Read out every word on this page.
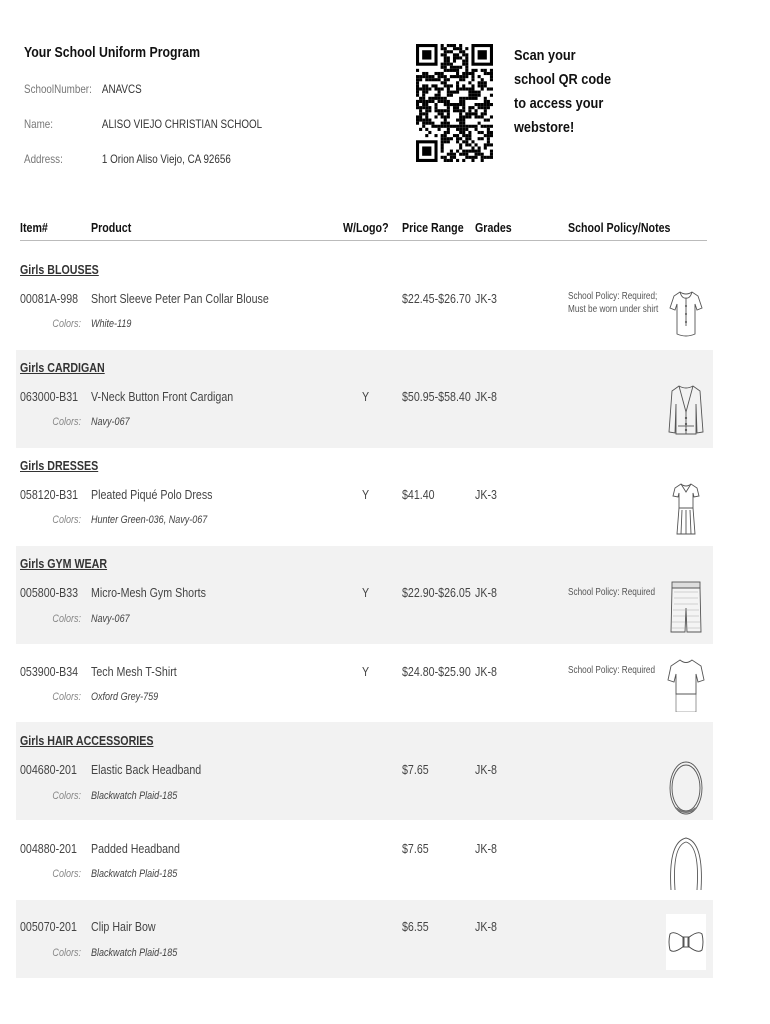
Your School Uniform Program
SchoolNumber: ANAVCS
Name:	ALISO VIEJO CHRISTIAN SCHOOL
Address:	1 Orion Aliso Viejo, CA 92656
Scan your
school QR code
to access your
webstore!
Item#	Product	W/Logo? Price Range Grades	School Policy/Notes
Girls BLOUSES
00081A-998 Short Sleeve Peter Pan Collar Blouse	$22.45-$26.70 JK-3
Colors: White-119
School Policy: Required;
Must be worn under shirt
Girls CARDIGAN
063000-B31 V-Neck Button Front Cardigan	Y	$50.95-$58.40 JK-8
Colors: Navy-067
Girls DRESSES
058120-B31 Pleated Piqué Polo Dress	Y	$41.40	JK-3
Colors: Hunter Green-036, Navy-067
Girls GYM WEAR
005800-B33 Micro-Mesh Gym Shorts	Y	$22.90-$26.05 JK-8
Colors: Navy-067
School Policy: Required
053900-B34 Tech Mesh T-Shirt	Y	$24.80-$25.90 JK-8
Colors: Oxford Grey-759
School Policy: Required
Girls HAIR ACCESSORIES
004680-201 Elastic Back Headband	$7.65	JK-8
Colors: Blackwatch Plaid-185
004880-201 Padded Headband	$7.65	JK-8
Colors: Blackwatch Plaid-185
005070-201 Clip Hair Bow	$6.55	JK-8
Colors: Blackwatch Plaid-185
